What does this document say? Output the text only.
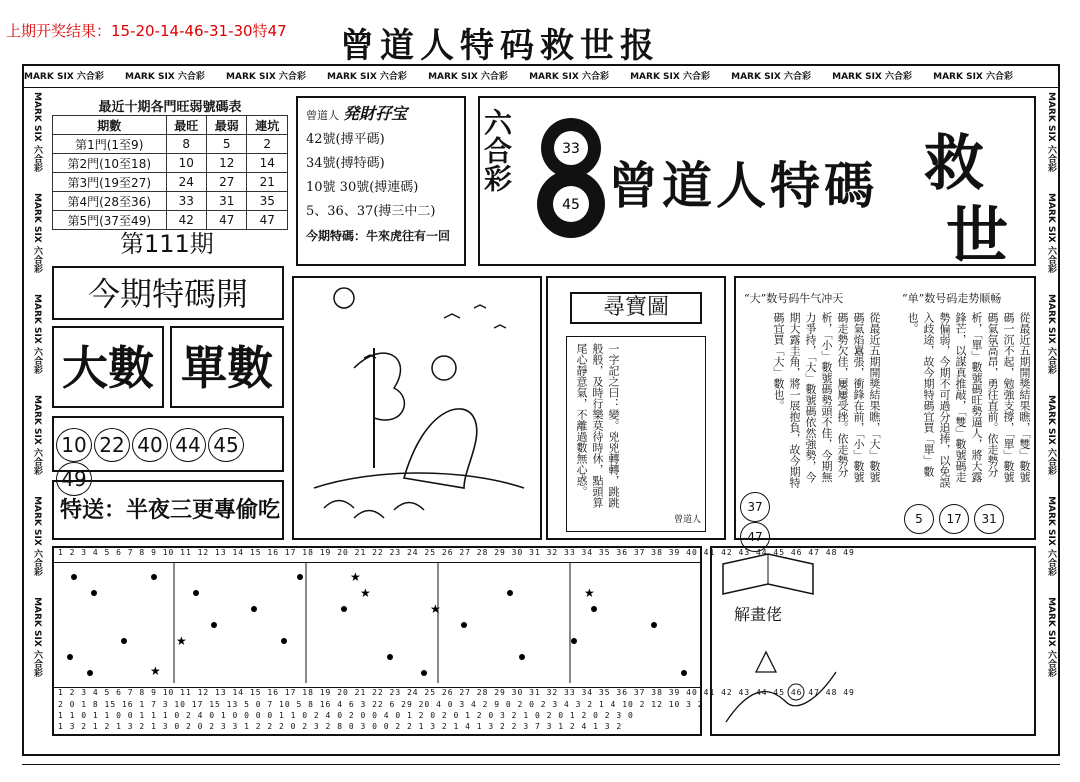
上期开奖结果：15-20-14-46-31-30特47 曾道人特码救世报
MARK SIX 六合彩　　 MARK SIX 六合彩　　 MARK SIX 六合彩　　 MARK SIX 六合彩　　 MARK SIX 六合彩　　 MARK SIX 六合彩　　 MARK SIX 六合彩　　 MARK SIX 六合彩　　 MARK SIX 六合彩　　 MARK SIX 六合彩
MARK SIX 六合彩　　 MARK SIX 六合彩　　 MARK SIX 六合彩　　 MARK SIX 六合彩　　 MARK SIX 六合彩　　 MARK SIX 六合彩
MARK SIX 六合彩　　 MARK SIX 六合彩　　 MARK SIX 六合彩　　 MARK SIX 六合彩　　 MARK SIX 六合彩　　 MARK SIX 六合彩
最近十期各門旺弱號碼表
期數	最旺	最弱	連坑
第1門(1至9)	8	5	2
第2門(10至18)	10	12	14
第3門(19至27)	24	27	21
第4門(28至36)	33	31	35
第5門(37至49)	42	47	47
第111期
曾道人 発財孖宝
42號(搏平碼)
34號(搏特碼)
10號 30號(搏連碼)
5、36、37(搏三中二)
今期特碼：牛來虎往有一回
六合彩	33
45 曾道人特碼 救
世
今期特碼開
大數 單數
10 22 40 44 4549
特送：半夜三更專偷吃
尋寶圖
一字記之曰：變。兇兇轉轉，跳跳般般，及時行樂莫待時休，點頭算尾心靜意氣，不離過數無心惑。
曾道人
“大”数号码牛气冲天	“单”数号码走势顺畅
從最近五期開獎結果瞧，「大」數號碼氣焰囂張，衝鋒在前，「小」數號碼走勢欠佳，屢屢受挫。依走勢分析，「小」數號碼勢頭不佳，今期無力爭持，「大」數號碼依然強勢，今期大露圭角，將一展抱負，故今期特碼宜買「大」數也。	從最近五期開獎結果瞧，「雙」數號碼一沉不起，勉強支撐，「單」數號碼氣氛高昂，勇往直前。依走勢分析，「單」數號碼旺勢逼人，將大露鋒芒，以謀真推敲，「雙」數號碼走勢偏弱，今期不可過分追捧，以免誤入歧途，故今期特碼宜買「單」數也。
37
47
5 17 31
1 2 3 4 5 6 7 8 9 10 11 12 13 14 15 16 17 18 19 20 21 22 23 24 25 26 27 28 29 30 31 32 33 34 35 36 37 38 39 40 41 42 43 44 45 46 47 48 49
★
★
★
★
★
★
1 2 3 4 5 6 7 8 9 10 11 12 13 14 15 16 17 18 19 20 21 22 23 24 25 26 27 28 29 30 31 32 33 34 35 36 37 38 39 40 41 42 43 44 45 46 47 48 49
2 0 1 8 15 16 1 7 3 10 17 15 13 5 0 7 10 5 8 16 4 6 3 22 6 29 20 4 0 3 4 2 9 0 2 0 2 3 4 3 2 1 4 10 2 12 10 3 2
1 1 0 1 1 0 0 1 1 1 0 2 4 0 1 0 0 0 0 1 1 0 2 4 0 2 0 0 4 0 1 2 0 2 0 1 2 0 3 2 1 0 2 0 1 2 0 2 3 0
1 3 2 1 2 1 3 2 1 3 0 2 0 2 3 3 1 2 2 2 0 2 3 2 8 0 3 0 0 2 2 1 3 2 1 4 1 3 2 2 3 7 3 1 2 4 1 3 2
解畫佬
